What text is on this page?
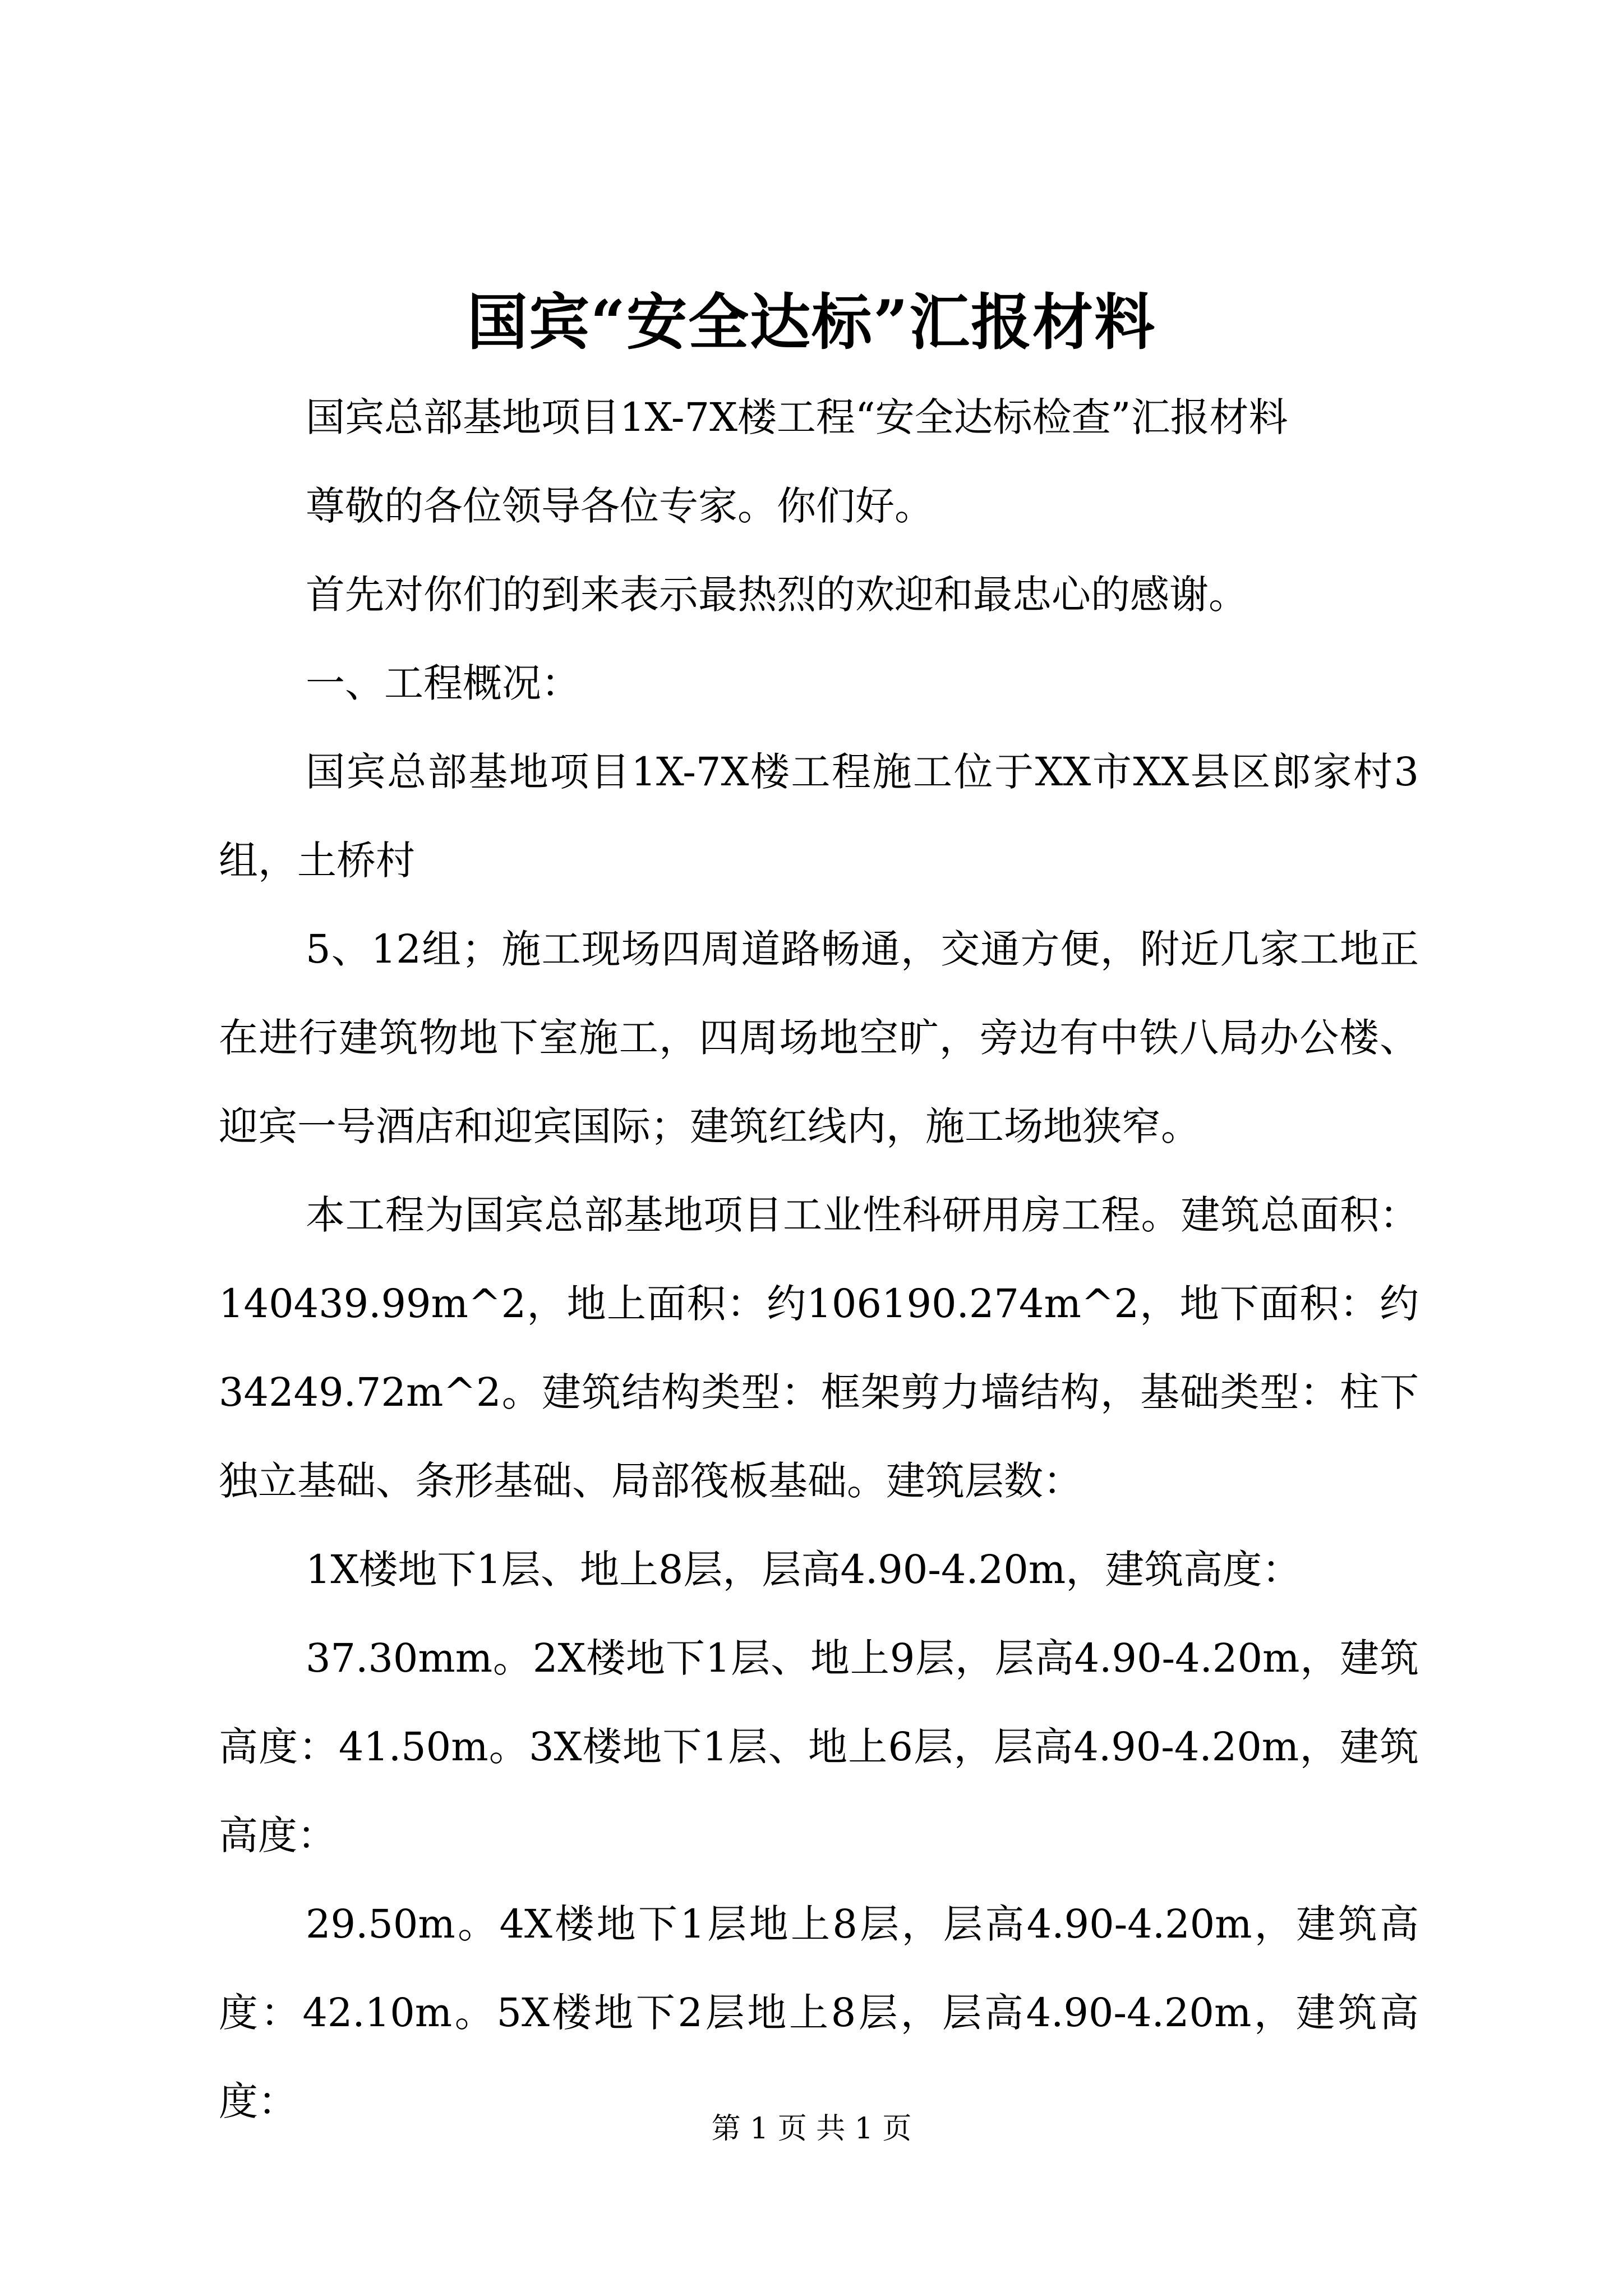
国宾“安全达标”汇报材料

国宾总部基地项目1X-7X楼工程“安全达标检查”汇报材料

尊敬的各位领导各位专家。你们好。

首先对你们的到来表示最热烈的欢迎和最忠心的感谢。

一、工程概况：

国宾总部基地项目1X-7X楼工程施工位于XX市XX县区郎家村3组，土桥村

5、12组；施工现场四周道路畅通，交通方便，附近几家工地正在进行建筑物地下室施工，四周场地空旷，旁边有中铁八局办公楼、迎宾一号酒店和迎宾国际；建筑红线内，施工场地狭窄。

本工程为国宾总部基地项目工业性科研用房工程。建筑总面积：140439.99m^2，地上面积：约106190.274m^2，地下面积：约34249.72m^2。建筑结构类型：框架剪力墙结构，基础类型：柱下独立基础、条形基础、局部筏板基础。建筑层数：

1X楼地下1层、地上8层，层高4.90-4.20m，建筑高度：

37.30mm。2X楼地下1层、地上9层，层高4.90-4.20m，建筑高度：41.50m。3X楼地下1层、地上6层，层高4.90-4.20m，建筑高度：

29.50m。4X楼地下1层地上8层，层高4.90-4.20m，建筑高度：42.10m。5X楼地下2层地上8层，层高4.90-4.20m，建筑高度：

第 1 页 共 1 页
